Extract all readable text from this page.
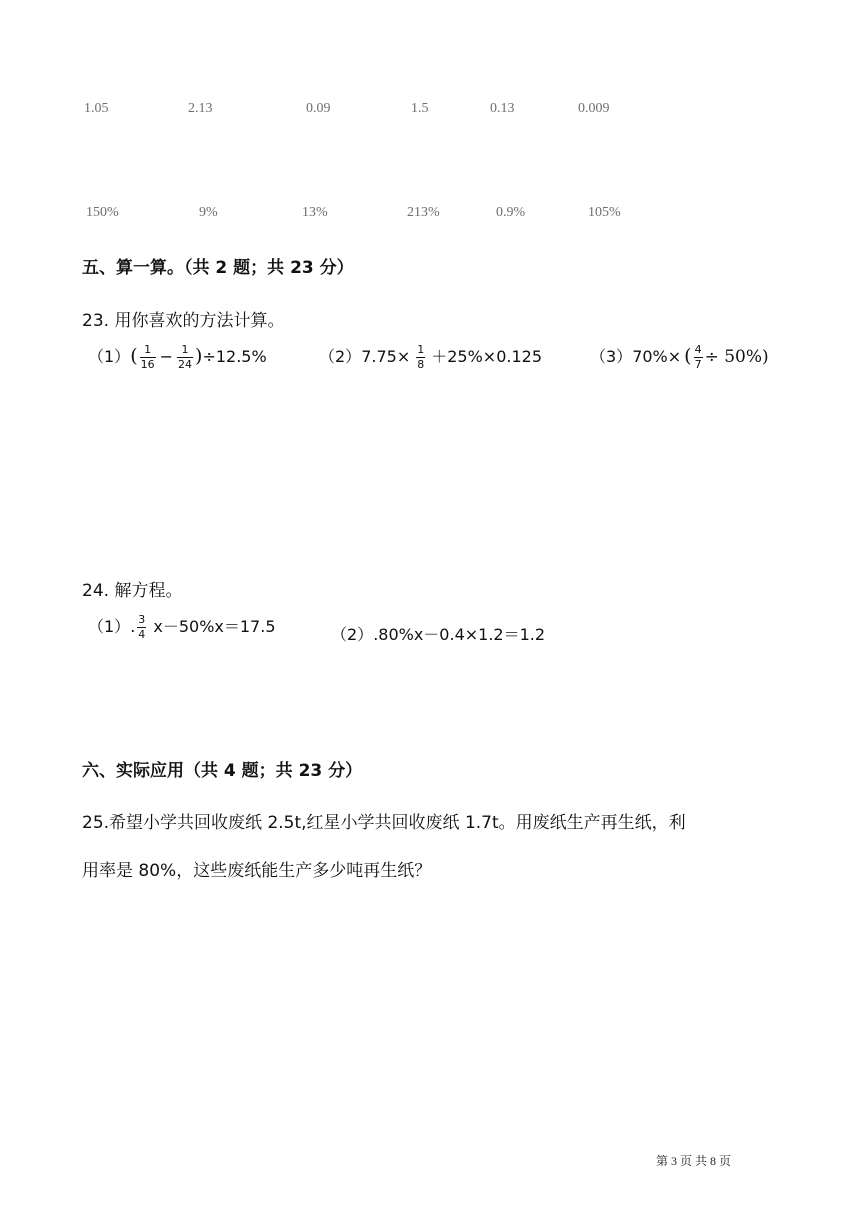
1.05	2.13	0.09	1.5	0.13	0.009
150%	9%	13%	213%	0.9%	105%
五、算一算。（共 2 题；共 23 分）
23. 用你喜欢的方法计算。
$(1)( \frac{1}{16} - \frac{1}{24} )\div 12.5\%$	$(2)7.75\times \frac{1}{8} +25\%\times 0.125$	（3）70%× ( $\frac{4}{7} \div 50\%$)
24. 解方程。
（1）. $\frac{3}{4} x-50\%x=17.5$	（2）.80%x－0.4×1.2＝1.2
六、实际应用（共 4 题；共 23 分）
25.希望小学共回收废纸 2.5t,红星小学共回收废纸 1.7t。用废纸生产再生纸，利
用率是 80%，这些废纸能生产多少吨再生纸？
第 3 页 共 8 页
